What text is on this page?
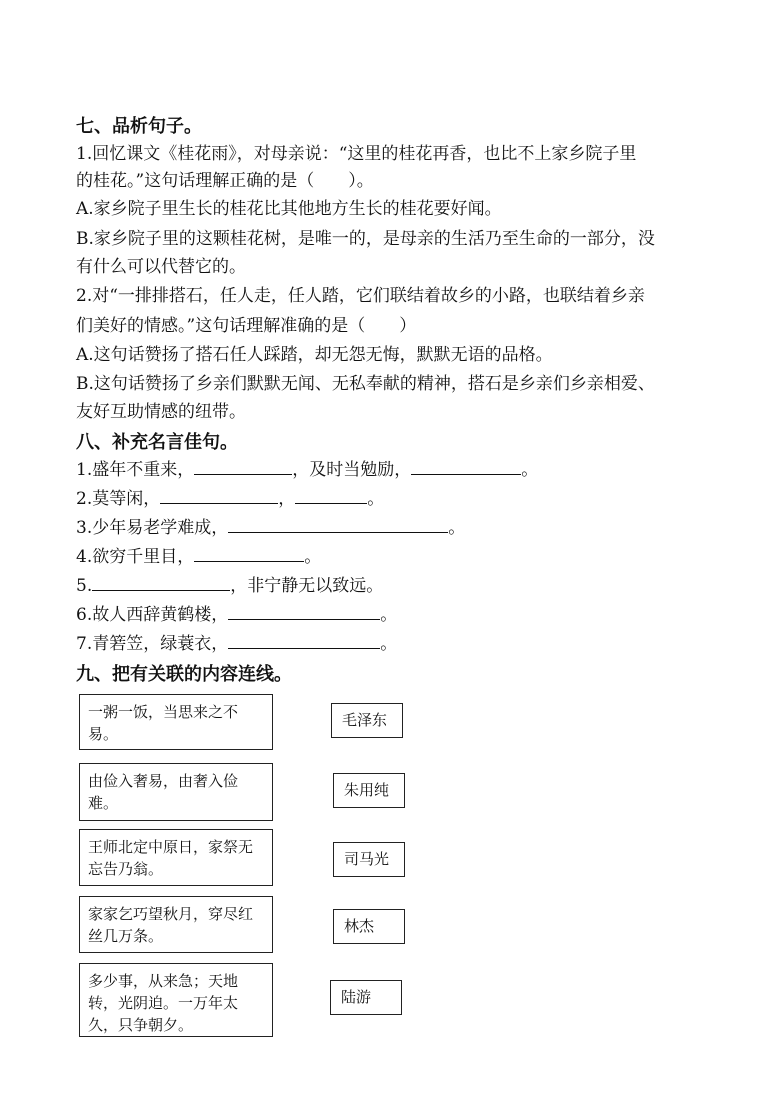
七、品析句子。
1.回忆课文《桂花雨》，对母亲说：“这里的桂花再香，也比不上家乡院子里
的桂花。”这句话理解正确的是（　　）。
A.家乡院子里生长的桂花比其他地方生长的桂花要好闻。
B.家乡院子里的这颗桂花树，是唯一的，是母亲的生活乃至生命的一部分，没
有什么可以代替它的。
2.对“一排排搭石，任人走，任人踏，它们联结着故乡的小路，也联结着乡亲
们美好的情感。”这句话理解准确的是（　　）
A.这句话赞扬了搭石任人踩踏，却无怨无悔，默默无语的品格。
B.这句话赞扬了乡亲们默默无闻、无私奉献的精神，搭石是乡亲们乡亲相爱、
友好互助情感的纽带。
八、补充名言佳句。
1.盛年不重来，	，及时当勉励，	。
2.莫等闲，	，	。
3.少年易老学难成，	。
4.欲穷千里目，	。
5.	，非宁静无以致远。
6.故人西辞黄鹤楼，	。
7.青箬笠，绿蓑衣，	。
九、把有关联的内容连线。
一粥一饭，当思来之不易。
由俭入奢易，由奢入俭难。
王师北定中原日，家祭无忘告乃翁。
家家乞巧望秋月，穿尽红丝几万条。
多少事，从来急；天地转，光阴迫。一万年太久，只争朝夕。
毛泽东
朱用纯
司马光
林杰
陆游
